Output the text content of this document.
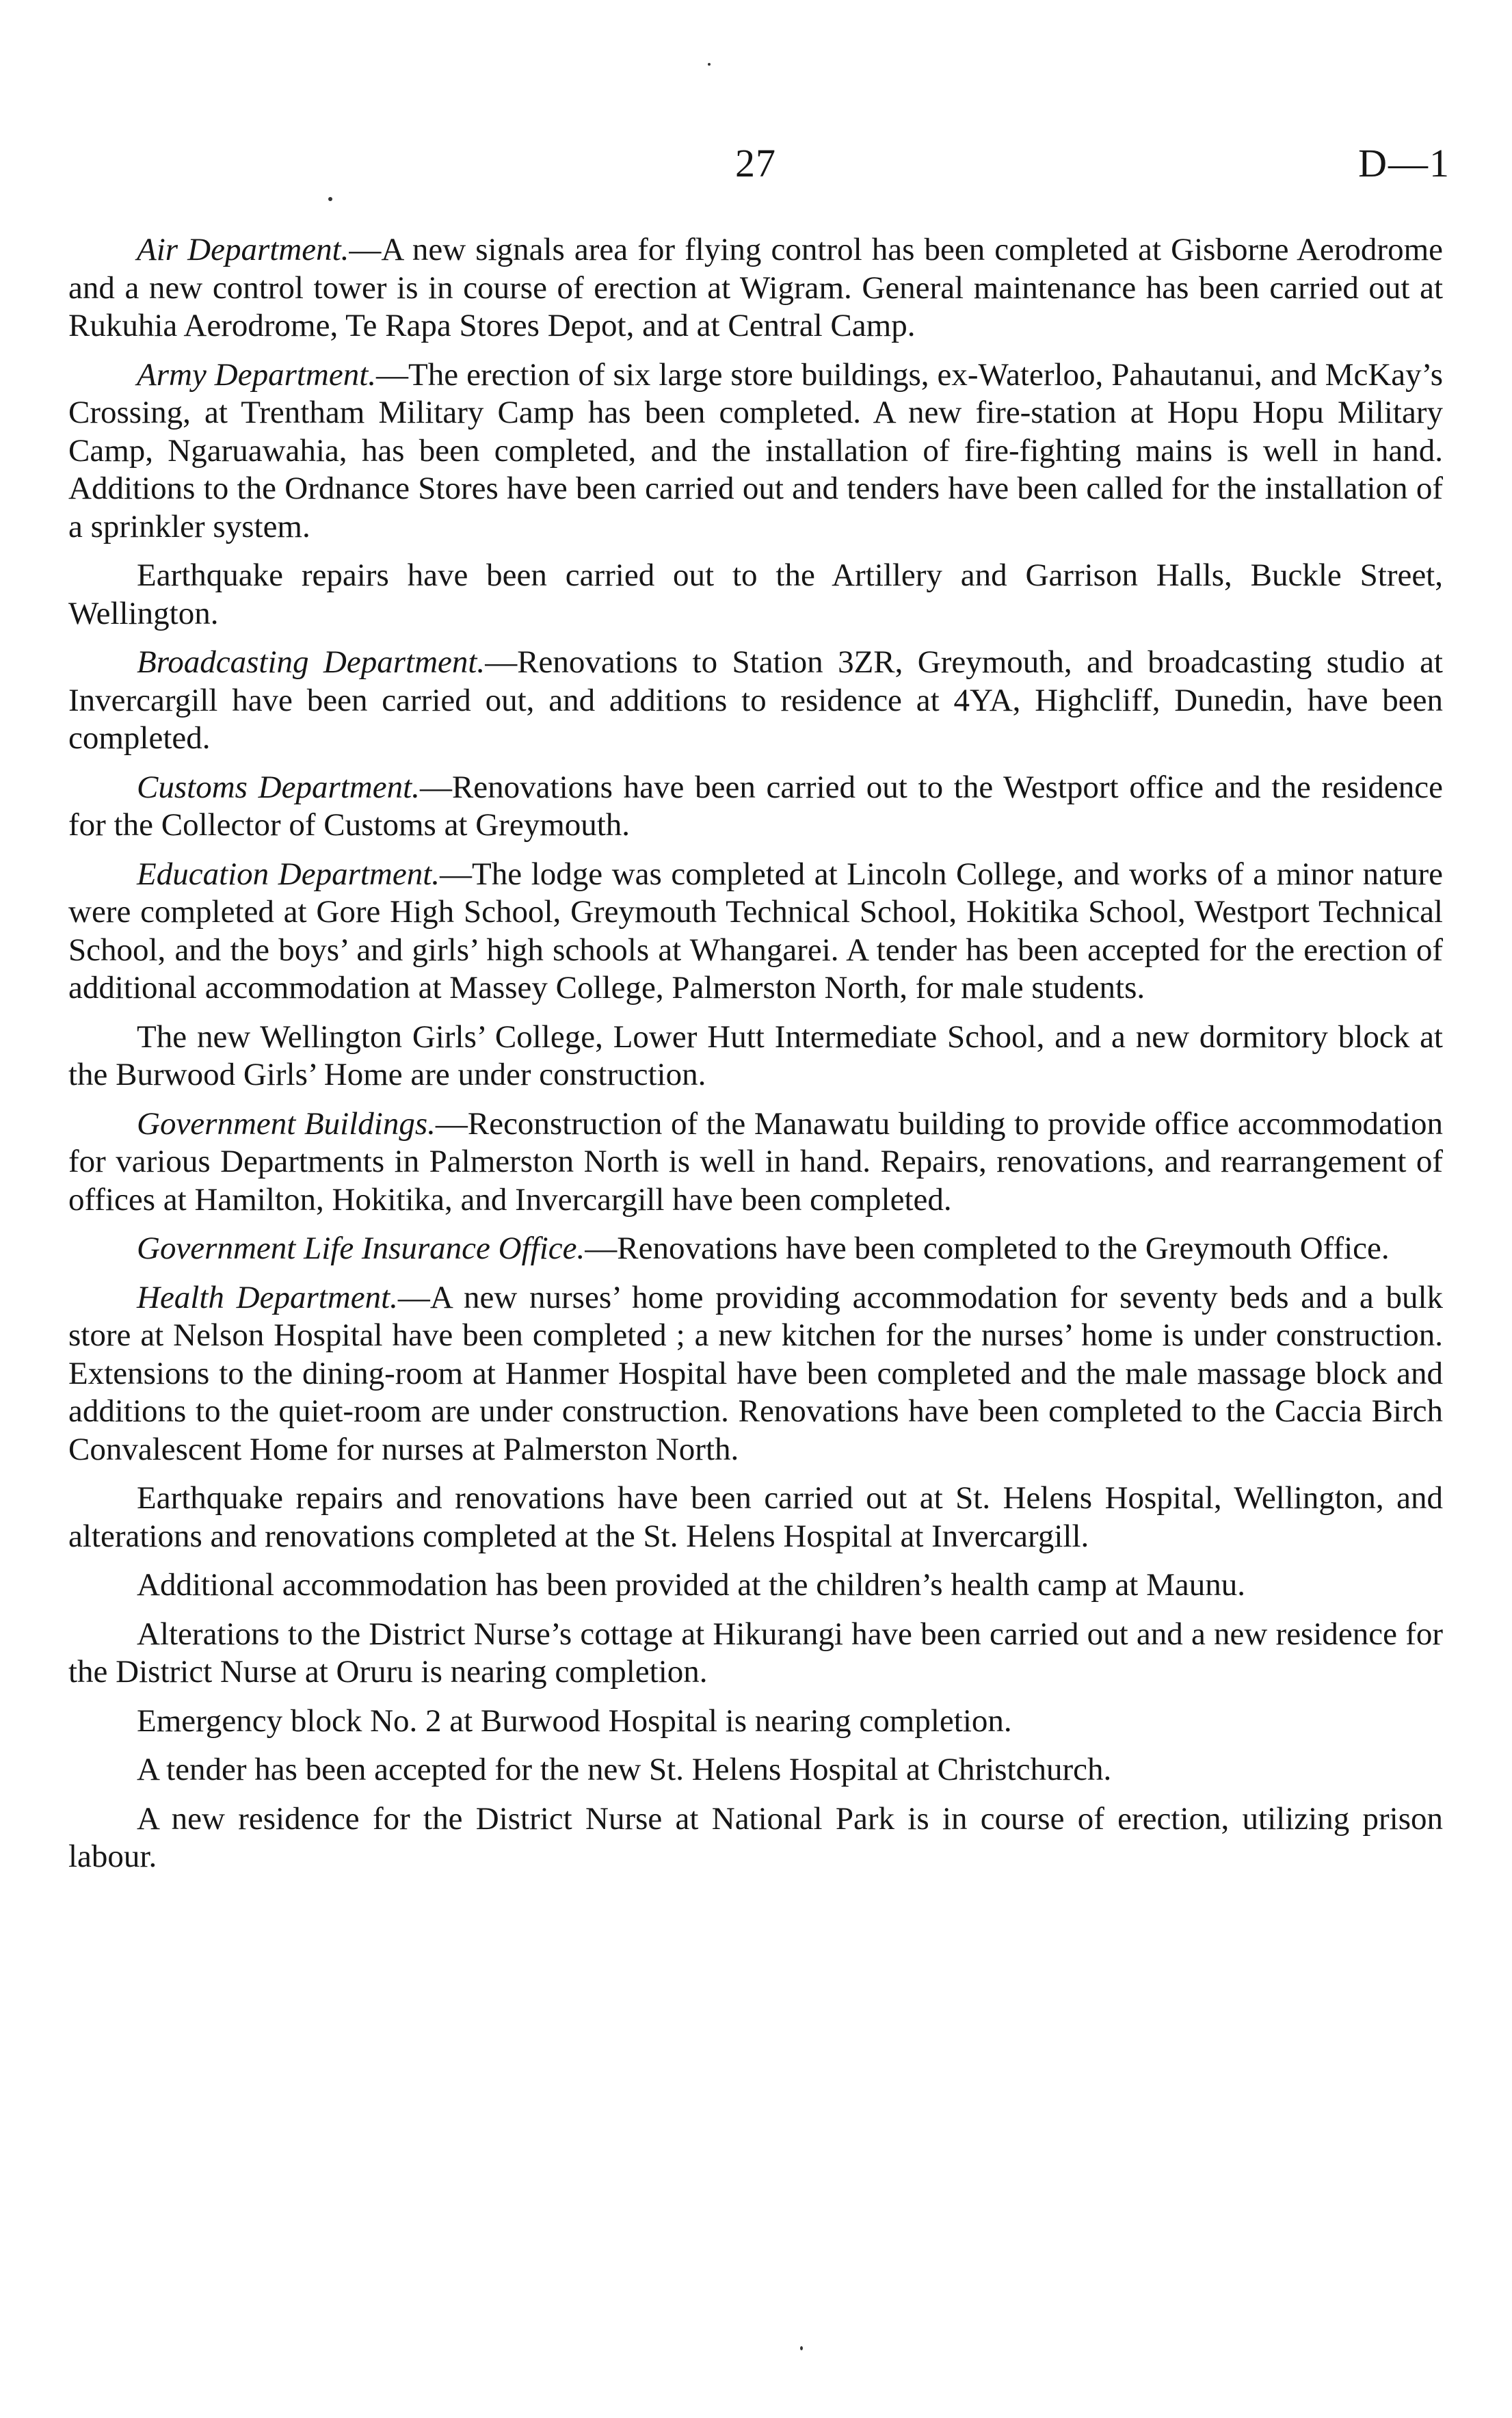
27	D—1

Air Department.—A new signals area for flying control has been completed at Gisborne Aerodrome and a new control tower is in course of erection at Wigram. General maintenance has been carried out at Rukuhia Aerodrome, Te Rapa Stores Depot, and at Central Camp.

Army Department.—The erection of six large store buildings, ex-Waterloo, Pahautanui, and McKay’s Crossing, at Trentham Military Camp has been completed. A new fire-station at Hopu Hopu Military Camp, Ngaruawahia, has been completed, and the installation of fire-fighting mains is well in hand. Additions to the Ordnance Stores have been carried out and tenders have been called for the installation of a sprinkler system.

Earthquake repairs have been carried out to the Artillery and Garrison Halls, Buckle Street, Wellington.

Broadcasting Department.—Renovations to Station 3ZR, Greymouth, and broadcasting studio at Invercargill have been carried out, and additions to residence at 4YA, Highcliff, Dunedin, have been completed.

Customs Department.—Renovations have been carried out to the Westport office and the residence for the Collector of Customs at Greymouth.

Education Department.—The lodge was completed at Lincoln College, and works of a minor nature were completed at Gore High School, Greymouth Technical School, Hokitika School, Westport Technical School, and the boys’ and girls’ high schools at Whangarei. A tender has been accepted for the erection of additional accommodation at Massey College, Palmerston North, for male students.

The new Wellington Girls’ College, Lower Hutt Intermediate School, and a new dormitory block at the Burwood Girls’ Home are under construction.

Government Buildings.—Reconstruction of the Manawatu building to provide office accommodation for various Departments in Palmerston North is well in hand. Repairs, renovations, and rearrangement of offices at Hamilton, Hokitika, and Invercargill have been completed.

Government Life Insurance Office.—Renovations have been completed to the Greymouth Office.

Health Department.—A new nurses’ home providing accommodation for seventy beds and a bulk store at Nelson Hospital have been completed ; a new kitchen for the nurses’ home is under construction. Extensions to the dining-room at Hanmer Hospital have been completed and the male massage block and additions to the quiet-room are under construction. Renovations have been completed to the Caccia Birch Convalescent Home for nurses at Palmerston North.

Earthquake repairs and renovations have been carried out at St. Helens Hospital, Wellington, and alterations and renovations completed at the St. Helens Hospital at Invercargill.

Additional accommodation has been provided at the children’s health camp at Maunu.

Alterations to the District Nurse’s cottage at Hikurangi have been carried out and a new residence for the District Nurse at Oruru is nearing completion.

Emergency block No. 2 at Burwood Hospital is nearing completion.

A tender has been accepted for the new St. Helens Hospital at Christchurch.

A new residence for the District Nurse at National Park is in course of erection, utilizing prison labour.
